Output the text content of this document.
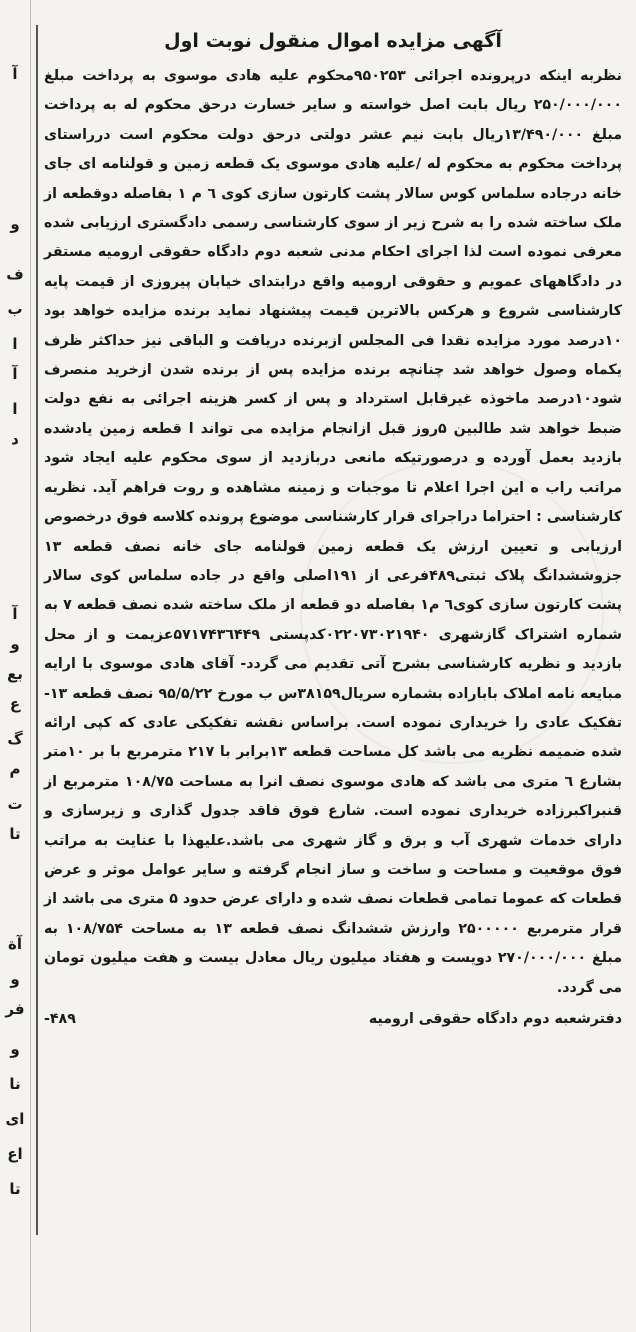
آ
و
ف
ب
ا
آ
ا
د
آ
و
بع
ع
گ
م
ت
تا
آة
و
فر
و
نا
ای
اع
تا
آگهی مزایده اموال منقول نوبت اول

نظربه اینکه درپرونده اجرائی ۹۵۰۲۵۳محکوم علیه هادی موسوی به پرداخت مبلغ ۲۵۰/۰۰۰/۰۰۰ ریال بابت اصل خواسته و سایر خسارت درحق محکوم له به پرداخت مبلغ ۱۳/۴۹۰/۰۰۰ریال بابت نیم عشر دولتی درحق دولت محکوم است درراستای پرداخت محکوم به محکوم له /علیه هادی موسوی یک قطعه زمین و قولنامه ای جای خانه درجاده سلماس کوس سالار پشت کارتون سازی کوی ٦ م ۱ بفاصله دوقطعه از ملک ساخته شده را به شرح زیر از سوی کارشناسی رسمی دادگستری ارزیابی شده معرفی نموده است لذا اجرای احکام مدنی شعبه دوم دادگاه حقوقی ارومیه مستقر در دادگاههای عمویم و حقوقی ارومیه واقع درابتدای خیابان پیروزی از قیمت پایه کارشناسی شروع و هرکس بالاترین قیمت پیشنهاد نماید برنده مزایده خواهد بود ۱۰درصد مورد مزایده نقدا فی المجلس ازبرنده دریافت و الباقی نیز حداکثر ظرف یکماه وصول خواهد شد چنانچه برنده مزایده پس از برنده شدن ازخرید منصرف شود۱۰درصد ماخوذه غیرقابل استرداد و پس از کسر هزینه اجرائی به نفع دولت ضبط خواهد شد طالبین ۵روز قبل ازانجام مزایده می تواند ا قطعه زمین یادشده بازدید بعمل آورده و درصورتیکه مانعی دربازدید از سوی محکوم علیه ایجاد شود مراتب راب ه این اجرا اعلام تا موجبات و زمینه مشاهده و روت فراهم آید. نظریه کارشناسی : احتراما دراجرای قرار کارشناسی موضوع پرونده کلاسه فوق درخصوص ارزیابی و تعیین ارزش یک قطعه زمین قولنامه جای خانه نصف قطعه ۱۳ جزوششدانگ پلاک ثبتی۴۸۹فرعی از ۱۹۱اصلی واقع در جاده سلماس کوی سالار پشت کارتون سازی کوی٦ م۱ بفاصله دو قطعه از ملک ساخته شده نصف قطعه ۷ به شماره اشتراک گازشهری ۰۲۲۰۷۳۰۲۱۹۴۰کدپستی ۵۷۱۷۴۳٦۴۴۹عزیمت و از محل بازدید و نظریه کارشناسی بشرح آتی تقدیم می گردد- آقای هادی موسوی با ارایه مبایعه نامه املاک باباراده بشماره سریال۳۸۱۵۹س ب مورخ ۹۵/۵/۲۲ نصف قطعه ۱۳-تفکیک عادی را خریداری نموده است. براساس نقشه تفکیکی عادی که کپی ارائه شده ضمیمه نظریه می باشد کل مساحت قطعه ۱۳برابر با ۲۱۷ مترمربع با بر ۱۰متر بشارع ٦ متری می باشد که هادی موسوی نصف انرا به مساحت ۱۰۸/۷۵ مترمربع از قنبراکبرزاده خریداری نموده است. شارع فوق فاقد جدول گذاری و زیرسازی و دارای خدمات شهری آب و برق و گاز شهری می باشد.علیهذا با عنایت به مراتب فوق موقعیت و مساحت و ساخت و ساز انجام گرفته و سایر عوامل موثر و عرض قطعات که عموما تمامی قطعات نصف شده و دارای عرض حدود ۵ متری می باشد از قرار مترمربع ۲۵۰۰۰۰۰ وارزش ششدانگ نصف قطعه ۱۳ به مساحت ۱۰۸/۷۵۴ به مبلغ ۲۷۰/۰۰۰/۰۰۰ دویست و هفتاد میلیون ریال معادل بیست و هفت میلیون تومان می گردد.

دفترشعبه دوم دادگاه حقوقی ارومیه
۴۸۹-
